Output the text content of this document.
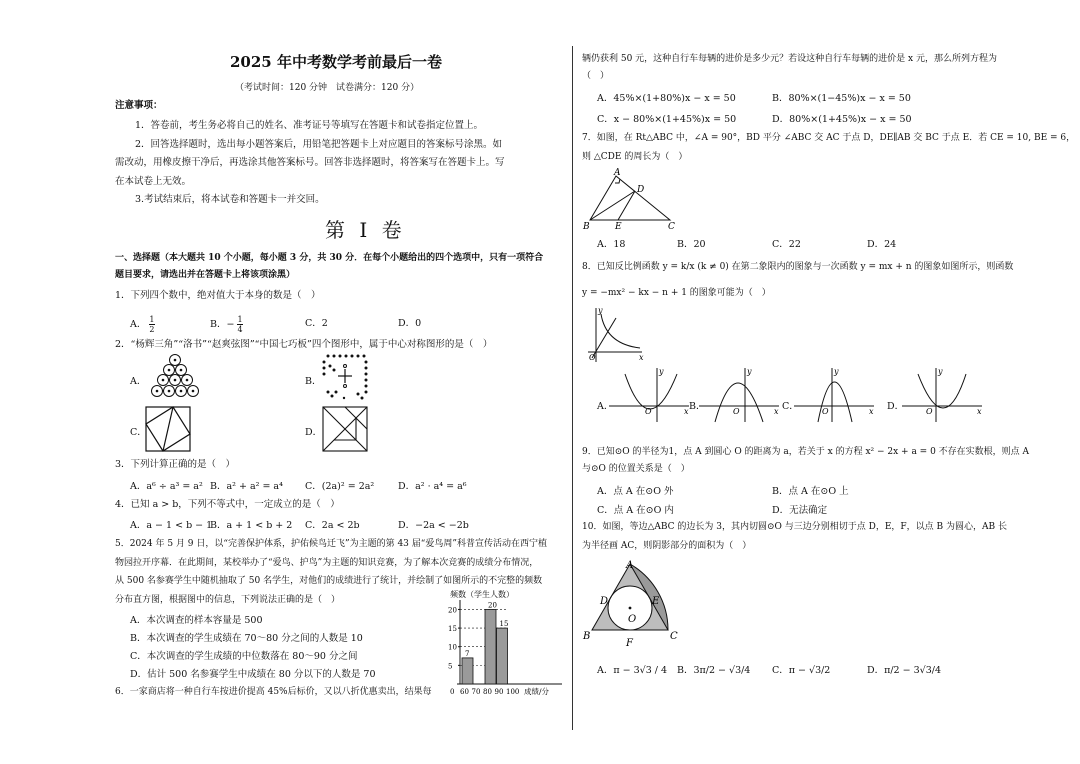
2025 年中考数学考前最后一卷
（考试时间：120 分钟　试卷满分：120 分）
注意事项：
1．答卷前，考生务必将自己的姓名、准考证号等填写在答题卡和试卷指定位置上。
2．回答选择题时，选出每小题答案后，用铅笔把答题卡上对应题目的答案标号涂黑。如
需改动，用橡皮擦干净后，再选涂其他答案标号。回答非选择题时，将答案写在答题卡上。写
在本试卷上无效。
3.考试结束后，将本试卷和答题卡一并交回。
第 I 卷
一、选择题（本大题共 10 个小题，每小题 3 分，共 30 分．在每个小题给出的四个选项中，只有一项符合
题目要求，请选出并在答题卡上将该项涂黑）
1．下列四个数中，绝对值大于本身的数是（　）
A． $\frac{1}{2}$	B．− $\frac{1}{4}$	C．2	D．0
2．“杨辉三角”“洛书”“赵爽弦图”“中国七巧板”四个图形中，属于中心对称图形的是（　）
A．	B．
C．	D．
3．下列计算正确的是（　）
A．a⁶ ÷ a³ = a² B．a² + a² = a⁴ C．(2a)² = 2a²	D．a² · a⁴ = a⁶
4．已知 a > b，下列不等式中，一定成立的是（　）
A．a − 1 < b − 1
B．a + 1 < b + 2 C．2a < 2b	D．−2a < −2b
5．2024 年 5 月 9 日，以“完善保护体系，护佑候鸟迁飞”为主题的第 43 届“爱鸟周”科普宣传活动在西宁植
物园拉开序幕．在此期间，某校举办了“爱鸟、护鸟”为主题的知识竞赛，为了解本次竞赛的成绩分布情况，
从 500 名参赛学生中随机抽取了 50 名学生，对他们的成绩进行了统计，并绘制了如图所示的不完整的频数
分布直方图，根据图中的信息，下列说法正确的是（　）
A．本次调查的样本容量是 500
B．本次调查的学生成绩在 70～80 分之间的人数是 10
C．本次调查的学生成绩的中位数落在 80～90 分之间
D．估计 500 名参赛学生中成绩在 80 分以下的人数是 70
频数（学生人数）
5
10
15
20
7
20
15
0 60 70 80 90 100 成绩/分
6．一家商店将一种自行车按进价提高 45%后标价，又以八折优惠卖出，结果每
辆仍获利 50 元，这种自行车每辆的进价是多少元？若设这种自行车每辆的进价是 x 元，那么所列方程为
（　）
A．45%×(1+80%)x − x = 50	B．80%×(1−45%)x − x = 50
C．x − 80%×(1+45%)x = 50	D．80%×(1+45%)x − x = 50
7．如图，在 Rt△ABC 中，∠A = 90°，BD 平分 ∠ABC 交 AC 于点 D，DE∥AB 交 BC 于点 E．若 CE = 10, BE = 6，
则 △CDE 的周长为（　）
A
D
B	E	C
A．18	B．20	C．22	D．24
8．已知反比例函数 y = k/x (k ≠ 0) 在第二象限内的图象与一次函数 y = mx + n 的图象如图所示，则函数
y = −mx² − kx − n + 1 的图象可能为（　）
y
x
O
A．	O	x
y
B．	O	x
y
C．	O	x
y
D．	O	x
y
9．已知⊙O 的半径为1，点 A 到圆心 O 的距离为 a，若关于 x 的方程 x² − 2x + a = 0 不存在实数根，则点 A
与⊙O 的位置关系是（　）
A．点 A 在⊙O 外	B．点 A 在⊙O 上
C．点 A 在⊙O 内	D．无法确定
10．如图，等边△ABC 的边长为 3，其内切圆⊙O 与三边分别相切于点 D，E，F，以点 B 为圆心，AB 长
为半径画 AC，则阴影部分的面积为（　）
A
D	E
O
B
F
C
A．π − 3√3 / 4 B．3π/2 − √3/4 C．π − √3/2	D．π/2 − 3√3/4
